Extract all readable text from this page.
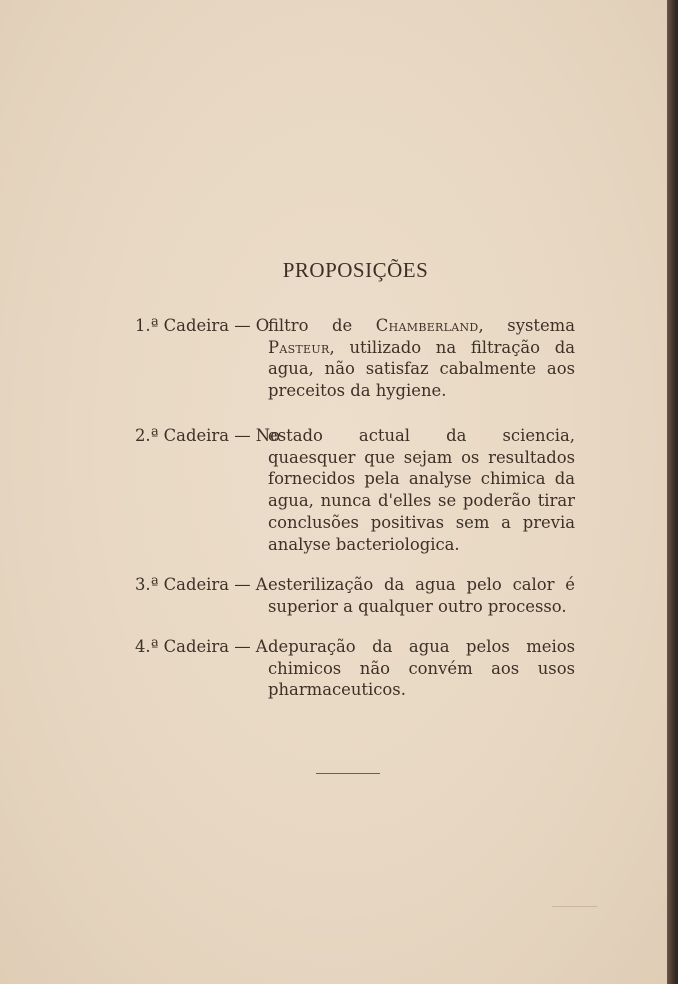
PROPOSIÇÕES
1.ª Cadeira — O
filtro de Chamberland, systema Pasteur, utilizado na filtração da agua, não satisfaz cabalmente aos preceitos da hygiene.
2.ª Cadeira — No
estado actual da sciencia, quaesquer que sejam os resultados fornecidos pela analyse chimica da agua, nunca d'elles se poderão tirar conclusões positivas sem a previa analyse bacteriologica.
3.ª Cadeira — A esterilização da agua pelo calor é superior a qualquer outro processo.
4.ª Cadeira — A depuração da agua pelos meios chimicos não convém aos usos pharmaceuticos.
